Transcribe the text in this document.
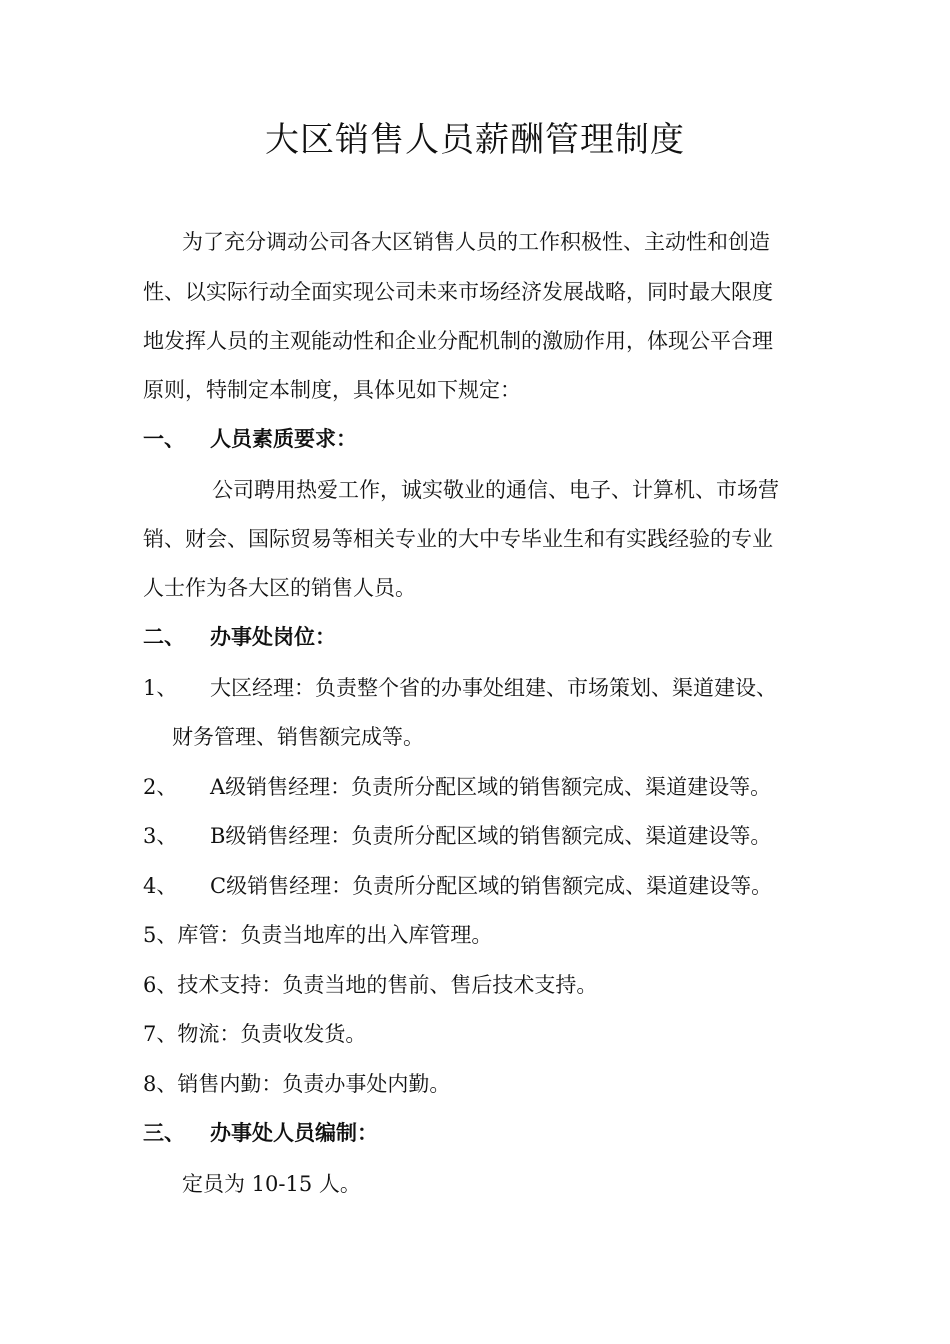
大区销售人员薪酬管理制度

为了充分调动公司各大区销售人员的工作积极性、主动性和创造

性、以实际行动全面实现公司未来市场经济发展战略，同时最大限度

地发挥人员的主观能动性和企业分配机制的激励作用，体现公平合理

原则，特制定本制度，具体见如下规定：

一、 人员素质要求：

公司聘用热爱工作，诚实敬业的通信、电子、计算机、市场营

销、财会、国际贸易等相关专业的大中专毕业生和有实践经验的专业

人士作为各大区的销售人员。

二、 办事处岗位：
1、 大区经理：负责整个省的办事处组建、市场策划、渠道建设、
财务管理、销售额完成等。
2、 A级销售经理：负责所分配区域的销售额完成、渠道建设等。
3、 B级销售经理：负责所分配区域的销售额完成、渠道建设等。
4、 C级销售经理：负责所分配区域的销售额完成、渠道建设等。
5、库管：负责当地库的出入库管理。
6、技术支持：负责当地的售前、售后技术支持。
7、物流：负责收发货。
8、销售内勤：负责办事处内勤。
三、 办事处人员编制：

定员为 10-15 人。
